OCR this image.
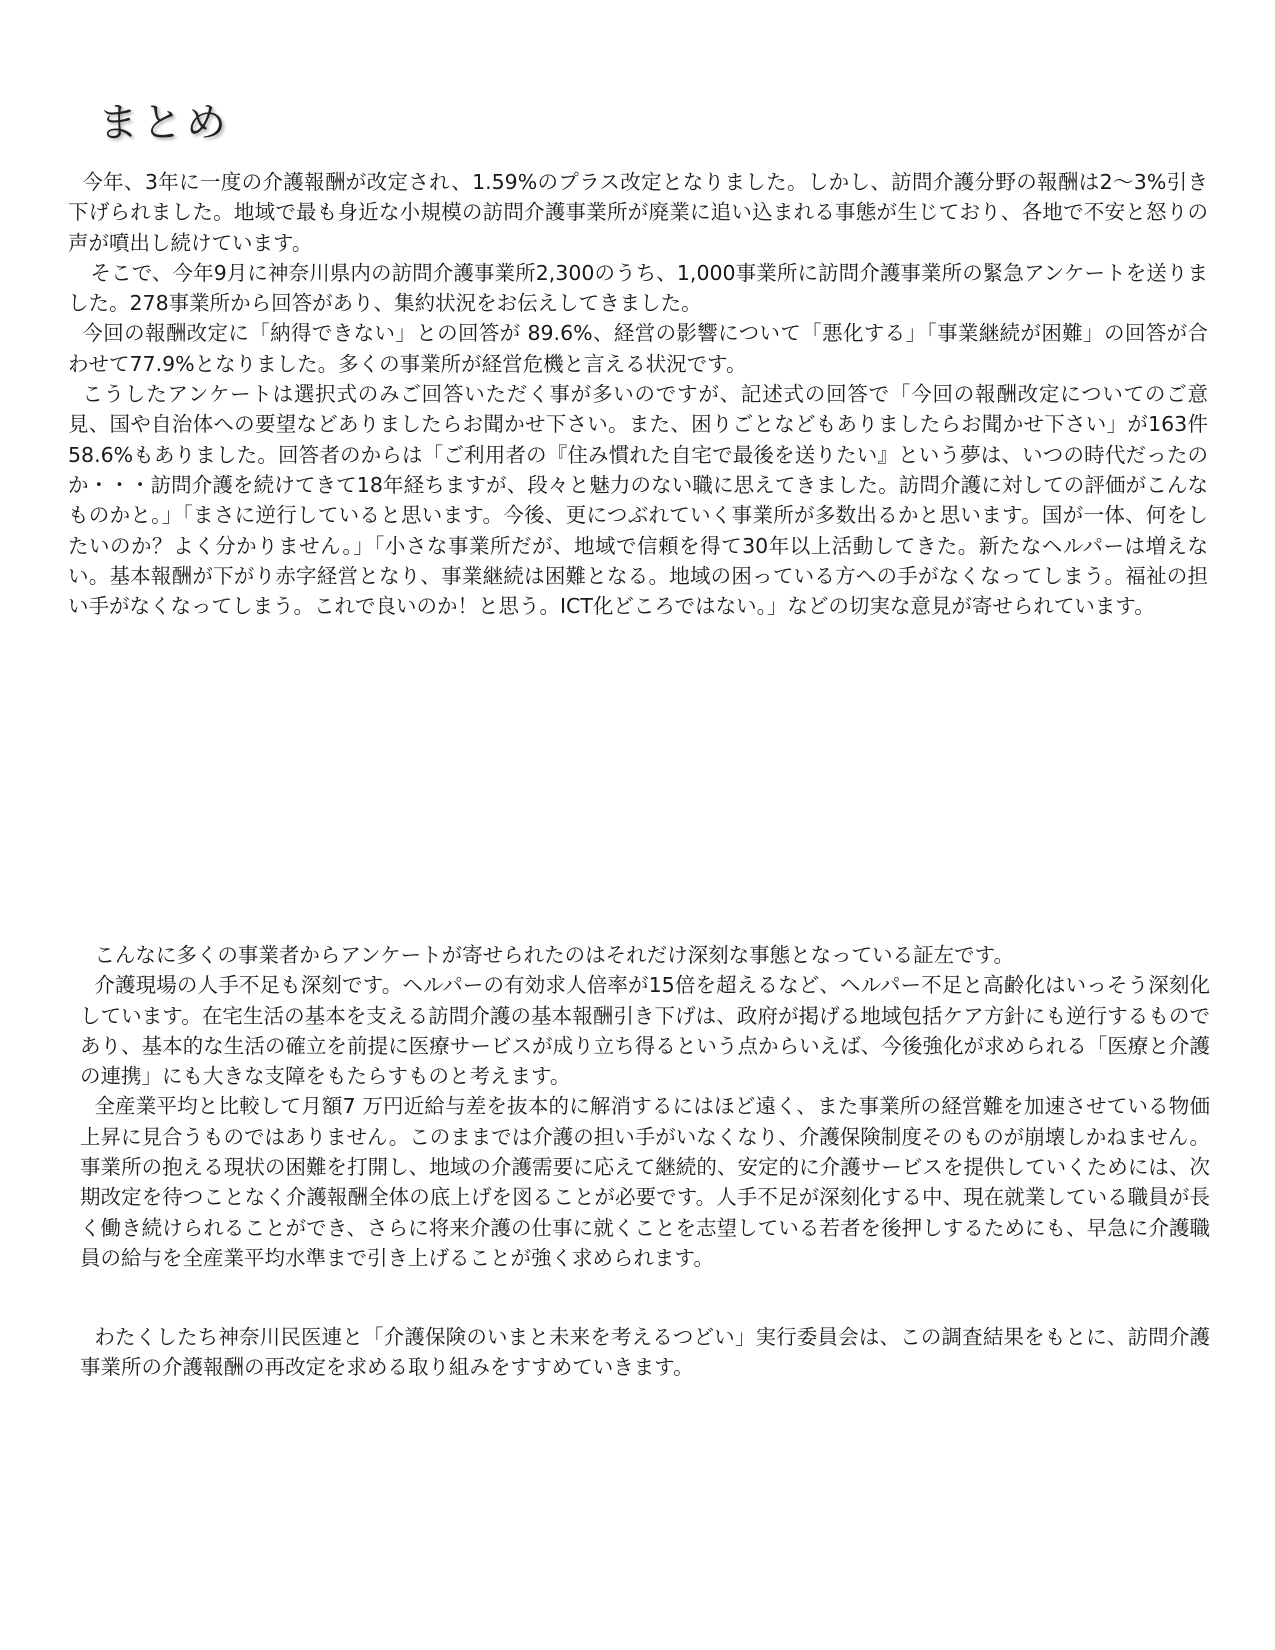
まとめ

今年、3年に一度の介護報酬が改定され、1.59%のプラス改定となりました。しかし、訪問介護分野の報酬は2〜3%引き下げられました。地域で最も身近な小規模の訪問介護事業所が廃業に追い込まれる事態が生じており、各地で不安と怒りの声が噴出し続けています。

そこで、今年9月に神奈川県内の訪問介護事業所2,300のうち、1,000事業所に訪問介護事業所の緊急アンケートを送りました。278事業所から回答があり、集約状況をお伝えしてきました。

今回の報酬改定に「納得できない」との回答が 89.6%、経営の影響について「悪化する」「事業継続が困難」の回答が合わせて77.9%となりました。多くの事業所が経営危機と言える状況です。

こうしたアンケートは選択式のみご回答いただく事が多いのですが、記述式の回答で「今回の報酬改定についてのご意見、国や自治体への要望などありましたらお聞かせ下さい。また、困りごとなどもありましたらお聞かせ下さい」が163件58.6%もありました。回答者のからは「ご利用者の『住み慣れた自宅で最後を送りたい』という夢は、いつの時代だったのか・・・訪問介護を続けてきて18年経ちますが、段々と魅力のない職に思えてきました。訪問介護に対しての評価がこんなものかと。」「まさに逆行していると思います。今後、更につぶれていく事業所が多数出るかと思います。国が一体、何をしたいのか？よく分かりません。」「小さな事業所だが、地域で信頼を得て30年以上活動してきた。新たなヘルパーは増えない。基本報酬が下がり赤字経営となり、事業継続は困難となる。地域の困っている方への手がなくなってしまう。福祉の担い手がなくなってしまう。これで良いのか！と思う。ICT化どころではない。」などの切実な意見が寄せられています。

こんなに多くの事業者からアンケートが寄せられたのはそれだけ深刻な事態となっている証左です。

介護現場の人手不足も深刻です。ヘルパーの有効求人倍率が15倍を超えるなど、ヘルパー不足と高齢化はいっそう深刻化しています。在宅生活の基本を支える訪問介護の基本報酬引き下げは、政府が掲げる地域包括ケア方針にも逆行するものであり、基本的な生活の確立を前提に医療サービスが成り立ち得るという点からいえば、今後強化が求められる「医療と介護の連携」にも大きな支障をもたらすものと考えます。

全産業平均と比較して月額7 万円近給与差を抜本的に解消するにはほど遠く、また事業所の経営難を加速させている物価上昇に見合うものではありません。このままでは介護の担い手がいなくなり、介護保険制度そのものが崩壊しかねません。事業所の抱える現状の困難を打開し、地域の介護需要に応えて継続的、安定的に介護サービスを提供していくためには、次期改定を待つことなく介護報酬全体の底上げを図ることが必要です。人手不足が深刻化する中、現在就業している職員が長く働き続けられることができ、さらに将来介護の仕事に就くことを志望している若者を後押しするためにも、早急に介護職員の給与を全産業平均水準まで引き上げることが強く求められます。

わたくしたち神奈川民医連と「介護保険のいまと未来を考えるつどい」実行委員会は、この調査結果をもとに、訪問介護事業所の介護報酬の再改定を求める取り組みをすすめていきます。
